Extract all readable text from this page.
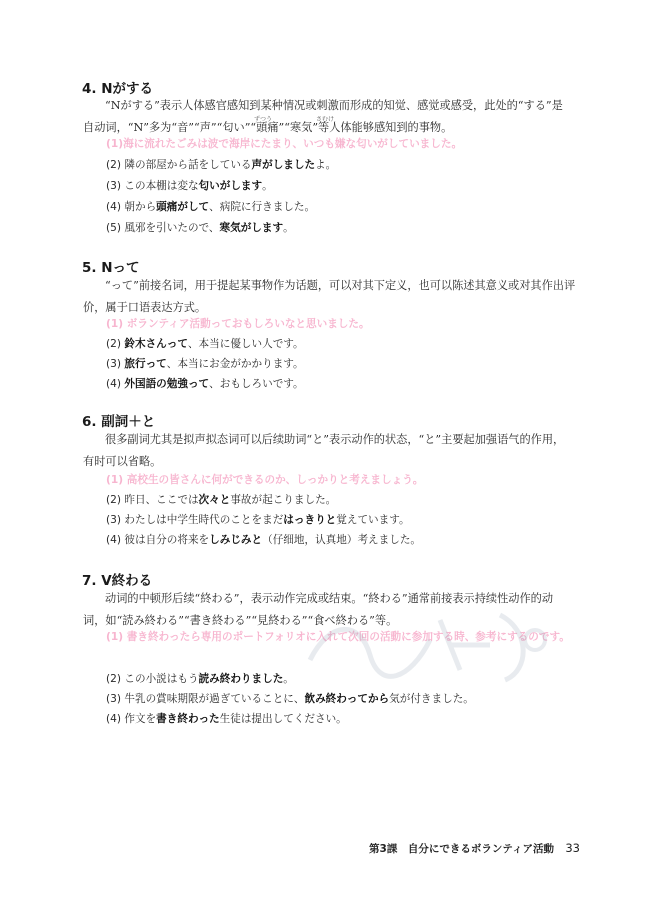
4. Nがする
“Nがする”表示人体感官感知到某种情况或刺激而形成的知觉、感觉或感受，此处的“する”是
自动词，“N”多为“音”“声”“匂い”“頭痛”“寒気”等人体能够感知到的事物。
ずつう	さむけ
(1)海に流れたごみは波で海岸にたまり、いつも嫌な匂いがしていました。
(2) 隣の部屋から話をしている声がしましたよ。
(3) この本棚は変な匂いがします。
(4) 朝から頭痛がして、病院に行きました。
(5) 風邪を引いたので、寒気がします。
5. Nって
“って”前接名词，用于提起某事物作为话题，可以对其下定义，也可以陈述其意义或对其作出评
价，属于口语表达方式。
(1) ボランティア活動っておもしろいなと思いました。
(2) 鈴木さんって、本当に優しい人です。
(3) 旅行って、本当にお金がかかります。
(4) 外国語の勉強って、おもしろいです。
6. 副詞＋と
很多副词尤其是拟声拟态词可以后续助词“と”表示动作的状态，“と”主要起加强语气的作用，
有时可以省略。
(1) 高校生の皆さんに何ができるのか、しっかりと考えましょう。
(2) 昨日、ここでは次々と事故が起こりました。
(3) わたしは中学生時代のことをまだはっきりと覚えています。
(4) 彼は自分の将来をしみじみと（仔细地，认真地）考えました。
7. V終わる
动词的中顿形后续“終わる”，表示动作完成或结束。“終わる”通常前接表示持续性动作的动
词，如“読み終わる”“書き終わる”“見終わる”“食べ終わる”等。
(1) 書き終わったら専用のポートフォリオに入れて次回の活動に参加する時、参考にするのです。
(2) この小説はもう読み終わりました。
(3) 牛乳の賞味期限が過ぎていることに、飲み終わってから気が付きました。
(4) 作文を書き終わった生徒は提出してください。
第3課　自分にできるボランティア活動 33
